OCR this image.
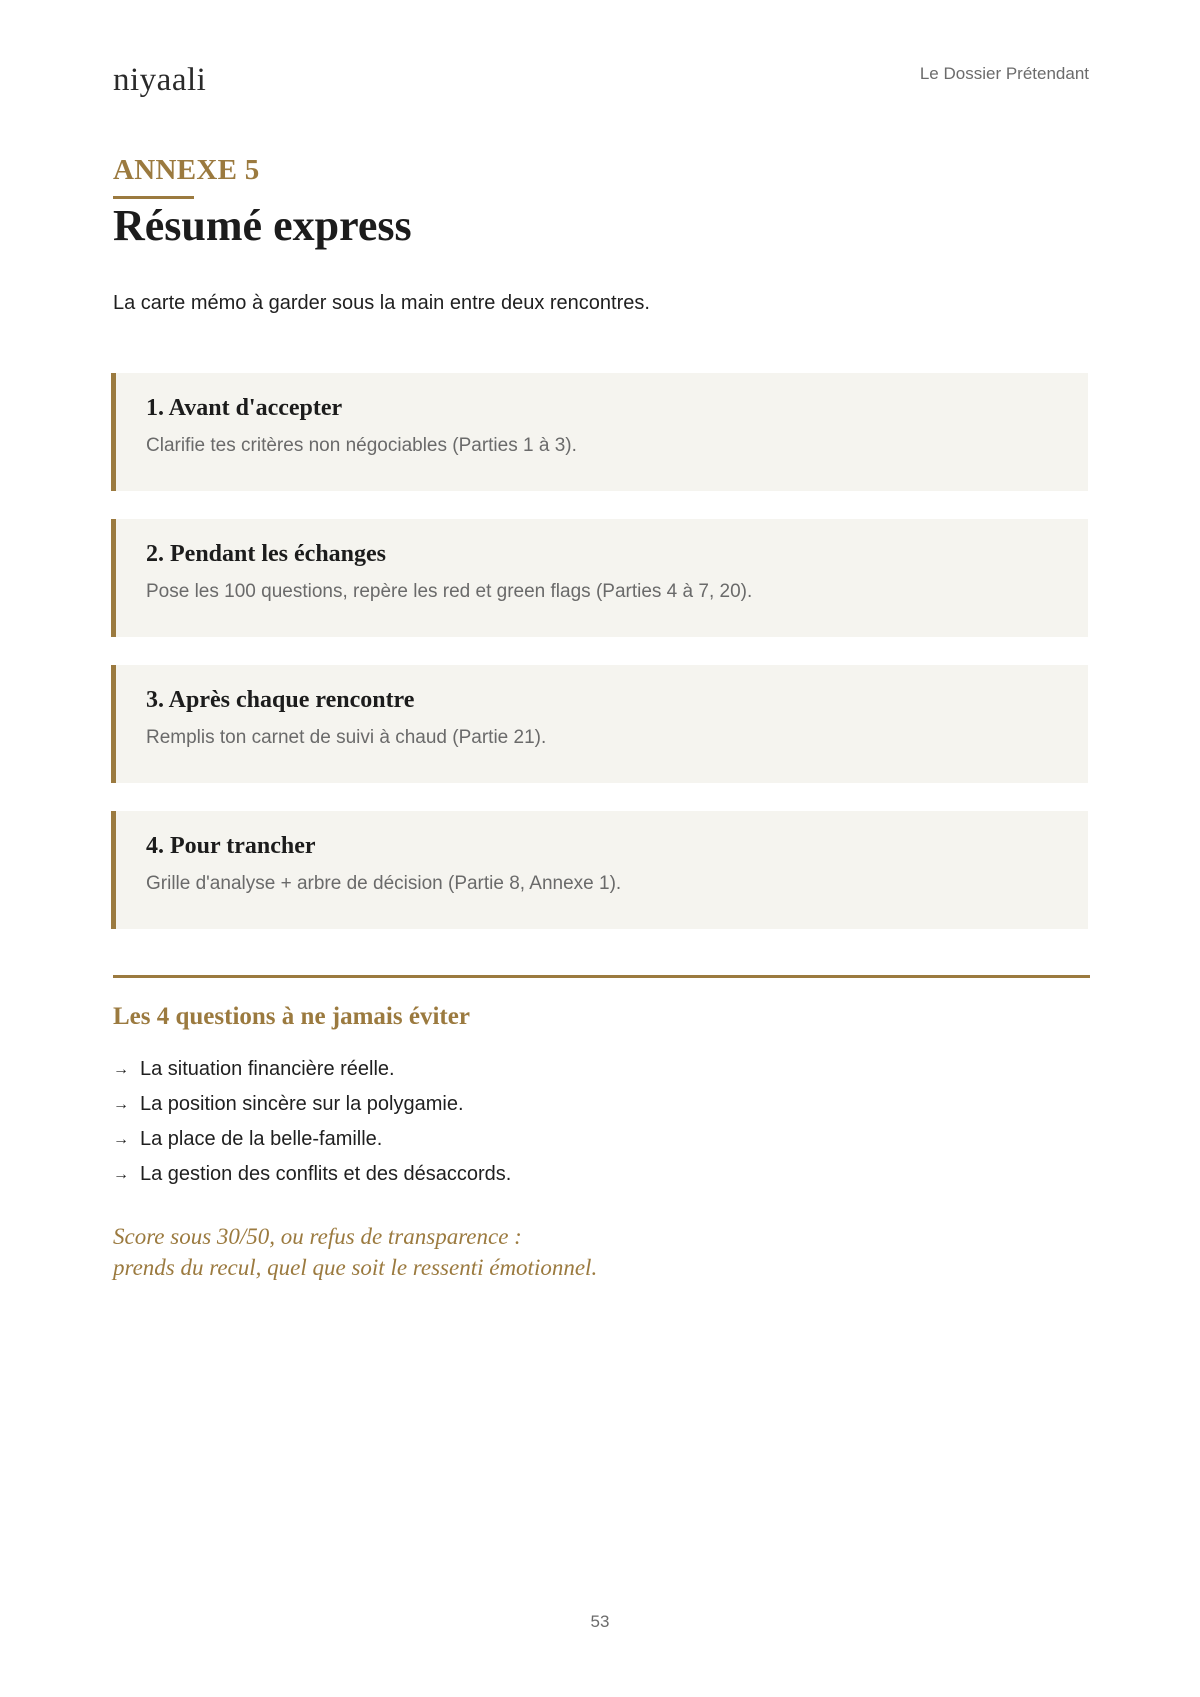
niyaali	Le Dossier Prétendant
ANNEXE 5
Résumé express
La carte mémo à garder sous la main entre deux rencontres.
1. Avant d'accepter
Clarifie tes critères non négociables (Parties 1 à 3).
2. Pendant les échanges
Pose les 100 questions, repère les red et green flags (Parties 4 à 7, 20).
3. Après chaque rencontre
Remplis ton carnet de suivi à chaud (Partie 21).
4. Pour trancher
Grille d'analyse + arbre de décision (Partie 8, Annexe 1).
Les 4 questions à ne jamais éviter
→ La situation financière réelle.
→ La position sincère sur la polygamie.
→ La place de la belle-famille.
→ La gestion des conflits et des désaccords.
Score sous 30/50, ou refus de transparence :
prends du recul, quel que soit le ressenti émotionnel.
53
